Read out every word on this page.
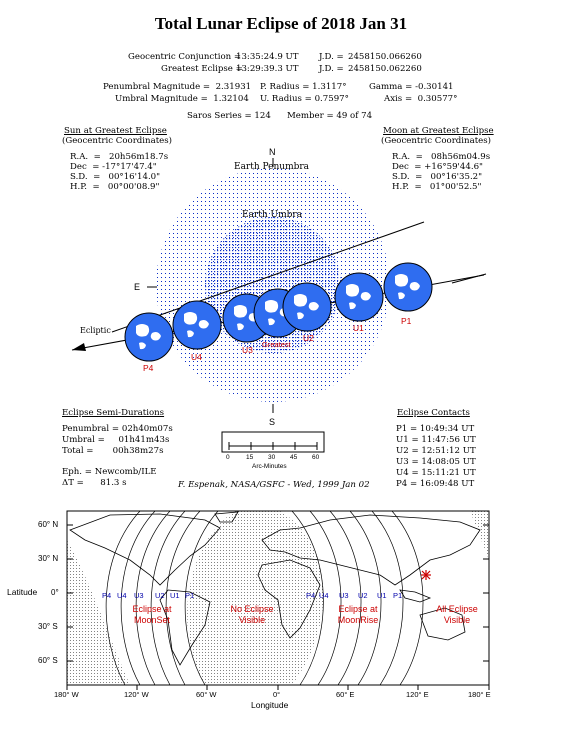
Total Lunar Eclipse of 2018 Jan 31
Geocentric Conjunction =
13:35:24.9 UT J.D. = 2458150.066260
Greatest Eclipse =
13:29:39.3 UT J.D. = 2458150.062260
Penumbral Magnitude =  2.31931 P. Radius = 1.3117°	Gamma = -0.30141
Umbral Magnitude =  1.32104 U. Radius = 0.7597°	Axis =  0.30577°
Saros Series = 124 Member = 49 of 74
Sun at Greatest Eclipse
(Geocentric Coordinates)
R.A.  =   20h56m18.7s
Dec  = -17°17'47.4"
S.D.  =   00°16'14.0"
H.P.  =   00°00'08.9"
Moon at Greatest Eclipse
(Geocentric Coordinates)
R.A.  =   08h56m04.9s
Dec  = +16°59'44.6"
S.D.  =   00°16'35.2"
H.P.  =   01°00'52.5"
N
Earth Penumbra
Earth Umbra
E
Ecliptic
S
P1
U1
U2
Greatest
U3
U4
P4
Eclipse Semi-Durations
Penumbral = 02h40m07s
Umbral =     01h41m43s
Total =       00h38m27s
0	15 30 45 60
Arc-Minutes
Eph. = Newcomb/ILE
ΔT =      81.3 s	F. Espenak, NASA/GSFC - Wed, 1999 Jan 02
Eclipse Contacts
P1 = 10:49:34 UT
U1 = 11:47:56 UT
U2 = 12:51:12 UT
U3 = 14:08:05 UT
U4 = 15:11:21 UT
P4 = 16:09:48 UT
60° N
30° N
0°
30° S
60° S
Latitude
180° W	120° W	60° W	0°	60° E	120° E	180° E
Longitude
P4 U4 U3 U2 U1 P1	P4 U4 U3 U2 U1 P1
Eclipse at
MoonSet
No Eclipse
Visible
Eclipse at
MoonRise
All Eclipse
Visible
